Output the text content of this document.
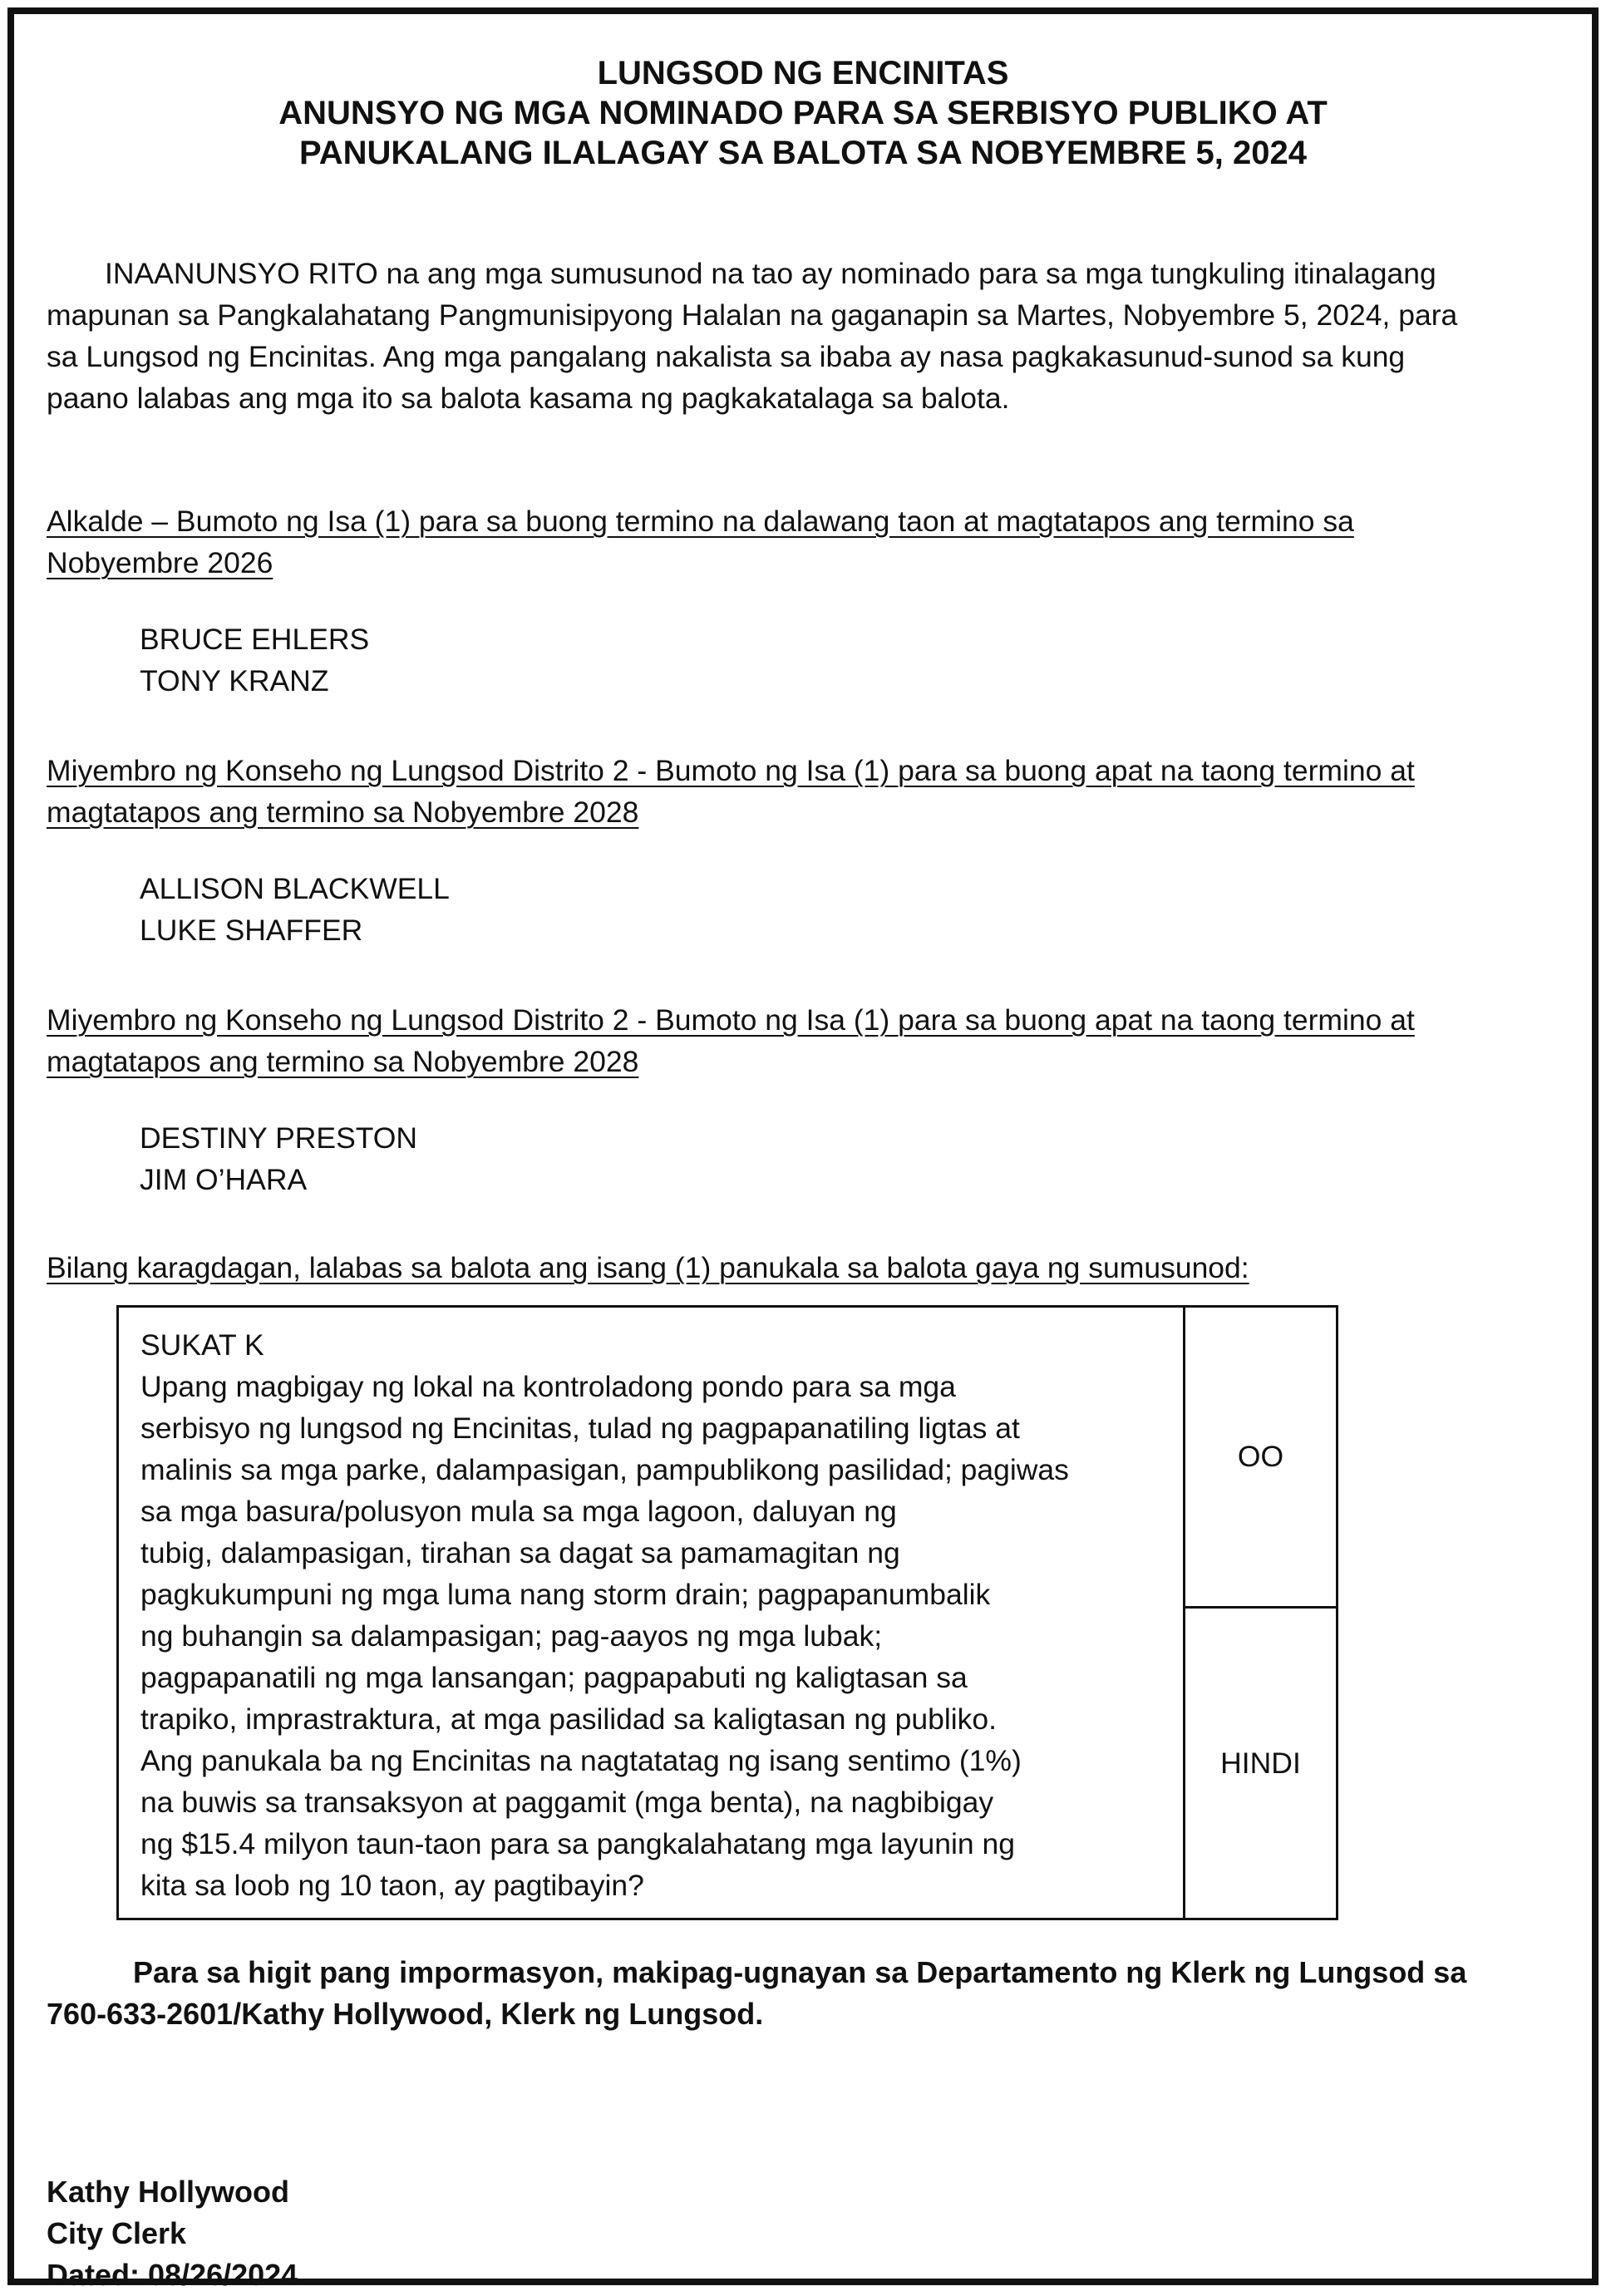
LUNGSOD NG ENCINITAS
ANUNSYO NG MGA NOMINADO PARA SA SERBISYO PUBLIKO AT
PANUKALANG ILALAGAY SA BALOTA SA NOBYEMBRE 5, 2024
INAANUNSYO RITO na ang mga sumusunod na tao ay nominado para sa mga tungkuling itinalagang mapunan sa Pangkalahatang Pangmunisipyong Halalan na gaganapin sa Martes, Nobyembre 5, 2024, para sa Lungsod ng Encinitas. Ang mga pangalang nakalista sa ibaba ay nasa pagkakasunud-sunod sa kung paano lalabas ang mga ito sa balota kasama ng pagkakatalaga sa balota.
Alkalde – Bumoto ng Isa (1) para sa buong termino na dalawang taon at magtatapos ang termino sa Nobyembre 2026
BRUCE EHLERS
TONY KRANZ
Miyembro ng Konseho ng Lungsod Distrito 2 - Bumoto ng Isa (1) para sa buong apat na taong termino at magtatapos ang termino sa Nobyembre 2028
ALLISON BLACKWELL
LUKE SHAFFER
Miyembro ng Konseho ng Lungsod Distrito 2 - Bumoto ng Isa (1) para sa buong apat na taong termino at magtatapos ang termino sa Nobyembre 2028
DESTINY PRESTON
JIM O’HARA
Bilang karagdagan, lalabas sa balota ang isang (1) panukala sa balota gaya ng sumusunod:
SUKAT K
Upang magbigay ng lokal na kontroladong pondo para sa mga
serbisyo ng lungsod ng Encinitas, tulad ng pagpapanatiling ligtas at
malinis sa mga parke, dalampasigan, pampublikong pasilidad; pagiwas
sa mga basura/polusyon mula sa mga lagoon, daluyan ng
tubig, dalampasigan, tirahan sa dagat sa pamamagitan ng
pagkukumpuni ng mga luma nang storm drain; pagpapanumbalik
ng buhangin sa dalampasigan; pag-aayos ng mga lubak;
pagpapanatili ng mga lansangan; pagpapabuti ng kaligtasan sa
trapiko, imprastraktura, at mga pasilidad sa kaligtasan ng publiko.
Ang panukala ba ng Encinitas na nagtatatag ng isang sentimo (1%)
na buwis sa transaksyon at paggamit (mga benta), na nagbibigay
ng $15.4 milyon taun-taon para sa pangkalahatang mga layunin ng
kita sa loob ng 10 taon, ay pagtibayin?
OO
HINDI
Para sa higit pang impormasyon, makipag-ugnayan sa Departamento ng Klerk ng Lungsod sa 760-633-2601/Kathy Hollywood, Klerk ng Lungsod.
Kathy Hollywood
City Clerk
Dated: 08/26/2024
